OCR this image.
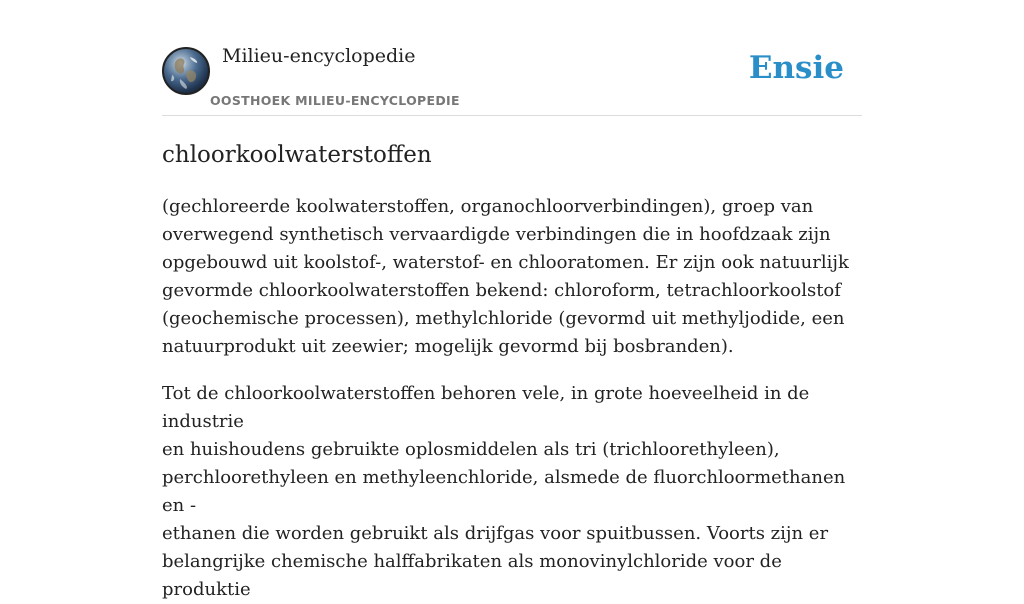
Milieu-encyclopedie
OOSTHOEK MILIEU-ENCYCLOPEDIE
Ensie
chloorkoolwaterstoffen

(gechloreerde koolwaterstoffen, organochloorverbindingen), groep van
overwegend synthetisch vervaardigde verbindingen die in hoofdzaak zijn
opgebouwd uit koolstof-, waterstof- en chlooratomen. Er zijn ook natuurlijk
gevormde chloorkoolwaterstoffen bekend: chloroform, tetrachloorkoolstof
(geochemische processen), methylchloride (gevormd uit methyljodide, een
natuurprodukt uit zeewier; mogelijk gevormd bij bosbranden).

Tot de chloorkoolwaterstoffen behoren vele, in grote hoeveelheid in de industrie
en huishoudens gebruikte oplosmiddelen als tri (trichloorethyleen),
perchloorethyleen en methyleenchloride, alsmede de fluorchloormethanen en -
ethanen die worden gebruikt als drijfgas voor spuitbussen. Voorts zijn er
belangrijke chemische halffabrikaten als monovinylchloride voor de produktie
